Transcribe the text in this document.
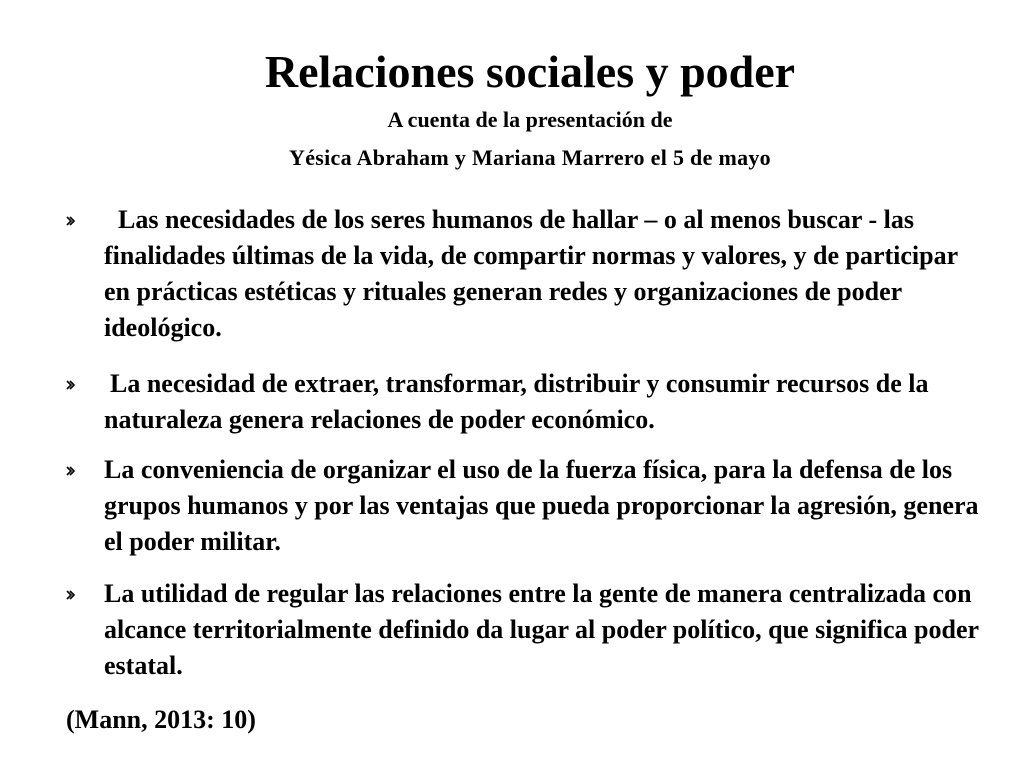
Relaciones sociales y poder
A cuenta de la presentación de
Yésica Abraham y Mariana Marrero el 5 de mayo
Las necesidades de los seres humanos de hallar – o al menos buscar - las finalidades últimas de la vida, de compartir normas y valores, y de participar en prácticas estéticas y rituales generan redes y organizaciones de poder ideológico.
La necesidad de extraer, transformar, distribuir y consumir recursos de la naturaleza genera relaciones de poder económico.
La conveniencia de organizar el uso de la fuerza física, para la defensa de los grupos humanos y por las ventajas que pueda proporcionar la agresión, genera el poder militar.
La utilidad de regular las relaciones entre la gente de manera centralizada con alcance territorialmente definido da lugar al poder político, que significa poder estatal.
(Mann, 2013: 10)
